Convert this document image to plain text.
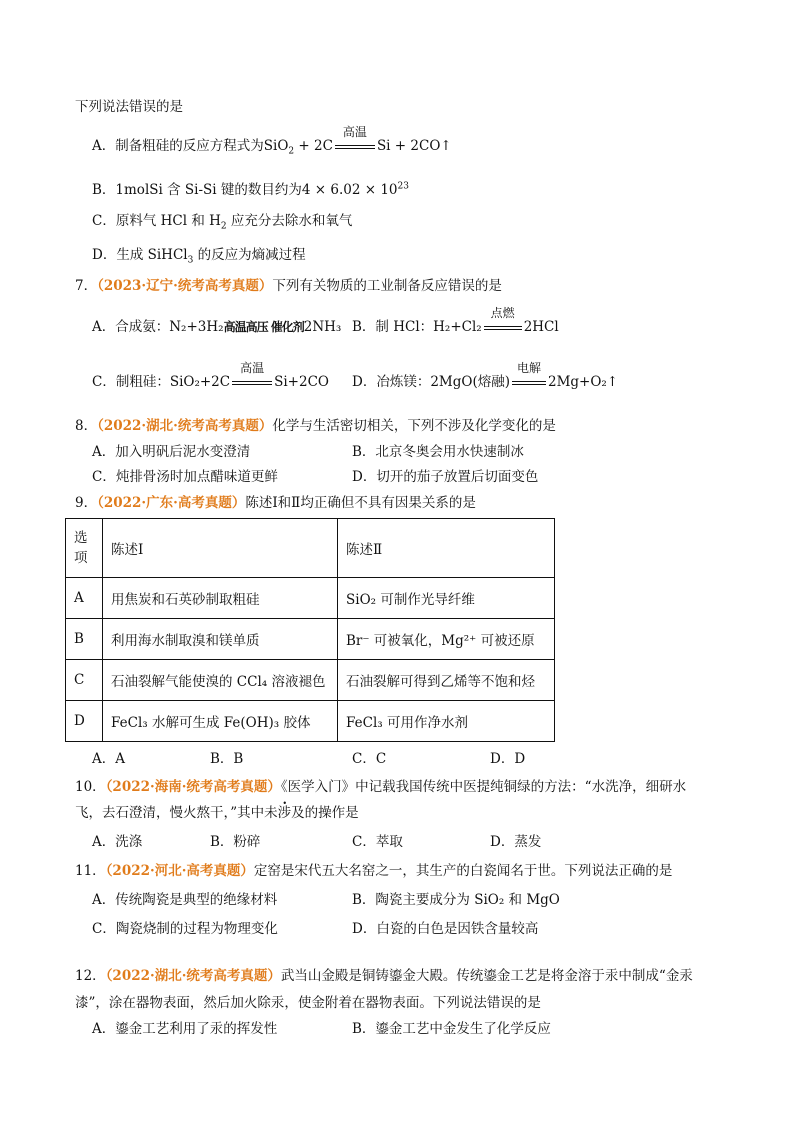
下列说法错误的是
A．制备粗硅的反应方程式为SiO$_2$ + 2C
高温
Si + 2CO↑
B．1molSi 含 Si-Si 键的数目约为$4 \times 6.02 \times 10^{23}$
C．原料气 HCl 和 $H_2$ 应充分去除水和氧气
D．生成 SiHCl$_3$ 的反应为熵减过程
7．（2023·辽宁·统考高考真题）下列有关物质的工业制备反应错误的是
A．合成氨：N₂+3H₂高温高压 催化剂2NH₃ B．制 HCl：H₂+Cl₂
点燃
2HCl
C．制粗硅：SiO₂+2C
高温
Si+2CO D．冶炼镁：2MgO(熔融)
电解
2Mg+O₂↑
8．（2022·湖北·统考高考真题）化学与生活密切相关，下列不涉及化学变化的是
A．加入明矾后泥水变澄清	B．北京冬奥会用水快速制冰
C．炖排骨汤时加点醋味道更鲜	D．切开的茄子放置后切面变色
9．（2022·广东·高考真题）陈述Ⅰ和Ⅱ均正确但不具有因果关系的是
选项	陈述Ⅰ	陈述Ⅱ
A	用焦炭和石英砂制取粗硅	SiO₂ 可制作光导纤维
B	利用海水制取溴和镁单质	Br⁻ 可被氧化，Mg²⁺ 可被还原
C	石油裂解气能使溴的 CCl₄ 溶液褪色	石油裂解可得到乙烯等不饱和烃
D	FeCl₃ 水解可生成 Fe(OH)₃ 胶体	FeCl₃ 可用作净水剂
A．A	B．B	C．C	D．D
10．（2022·海南·统考高考真题）《医学入门》中记载我国传统中医提纯铜绿的方法：“水洗净，细研水
飞，去石澄清，慢火熬干，”其中未涉及的操作是
A．洗涤	B．粉碎	C．萃取	D．蒸发
11．（2022·河北·高考真题）定窑是宋代五大名窑之一，其生产的白瓷闻名于世。下列说法正确的是
A．传统陶瓷是典型的绝缘材料	B．陶瓷主要成分为 SiO₂ 和 MgO
C．陶瓷烧制的过程为物理变化	D．白瓷的白色是因铁含量较高
12．（2022·湖北·统考高考真题）武当山金殿是铜铸鎏金大殿。传统鎏金工艺是将金溶于汞中制成“金汞
漆”，涂在器物表面，然后加火除汞，使金附着在器物表面。下列说法错误的是
A．鎏金工艺利用了汞的挥发性	B．鎏金工艺中金发生了化学反应
